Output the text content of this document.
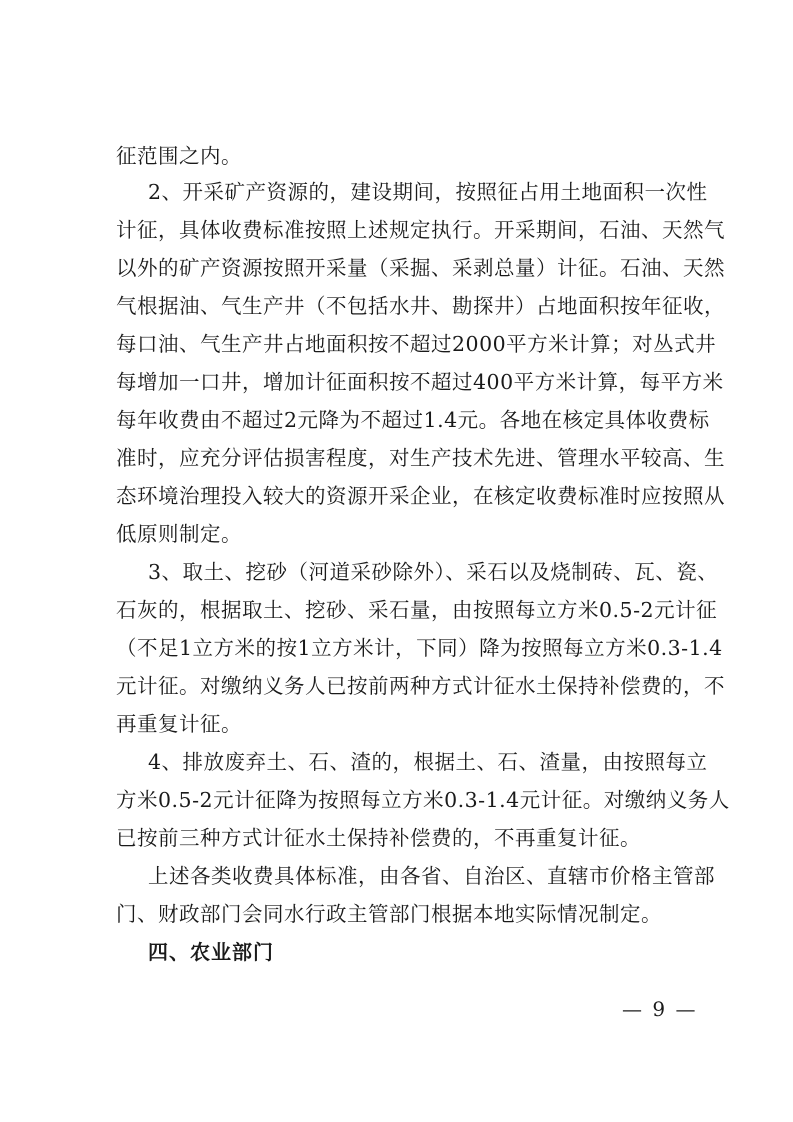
征范围之内。
2、开采矿产资源的，建设期间，按照征占用土地面积一次性
计征，具体收费标准按照上述规定执行。开采期间，石油、天然气
以外的矿产资源按照开采量（采掘、采剥总量）计征。石油、天然
气根据油、气生产井（不包括水井、勘探井）占地面积按年征收，
每口油、气生产井占地面积按不超过2000平方米计算；对丛式井
每增加一口井，增加计征面积按不超过400平方米计算，每平方米
每年收费由不超过2元降为不超过1.4元。各地在核定具体收费标
准时，应充分评估损害程度，对生产技术先进、管理水平较高、生
态环境治理投入较大的资源开采企业，在核定收费标准时应按照从
低原则制定。
3、取土、挖砂（河道采砂除外）、采石以及烧制砖、瓦、瓷、
石灰的，根据取土、挖砂、采石量，由按照每立方米0.5-2元计征
（不足1立方米的按1立方米计，下同）降为按照每立方米0.3-1.4
元计征。对缴纳义务人已按前两种方式计征水土保持补偿费的，不
再重复计征。
4、排放废弃土、石、渣的，根据土、石、渣量，由按照每立
方米0.5-2元计征降为按照每立方米0.3-1.4元计征。对缴纳义务人
已按前三种方式计征水土保持补偿费的，不再重复计征。
上述各类收费具体标准，由各省、自治区、直辖市价格主管部
门、财政部门会同水行政主管部门根据本地实际情况制定。
四、农业部门
— 9 —
